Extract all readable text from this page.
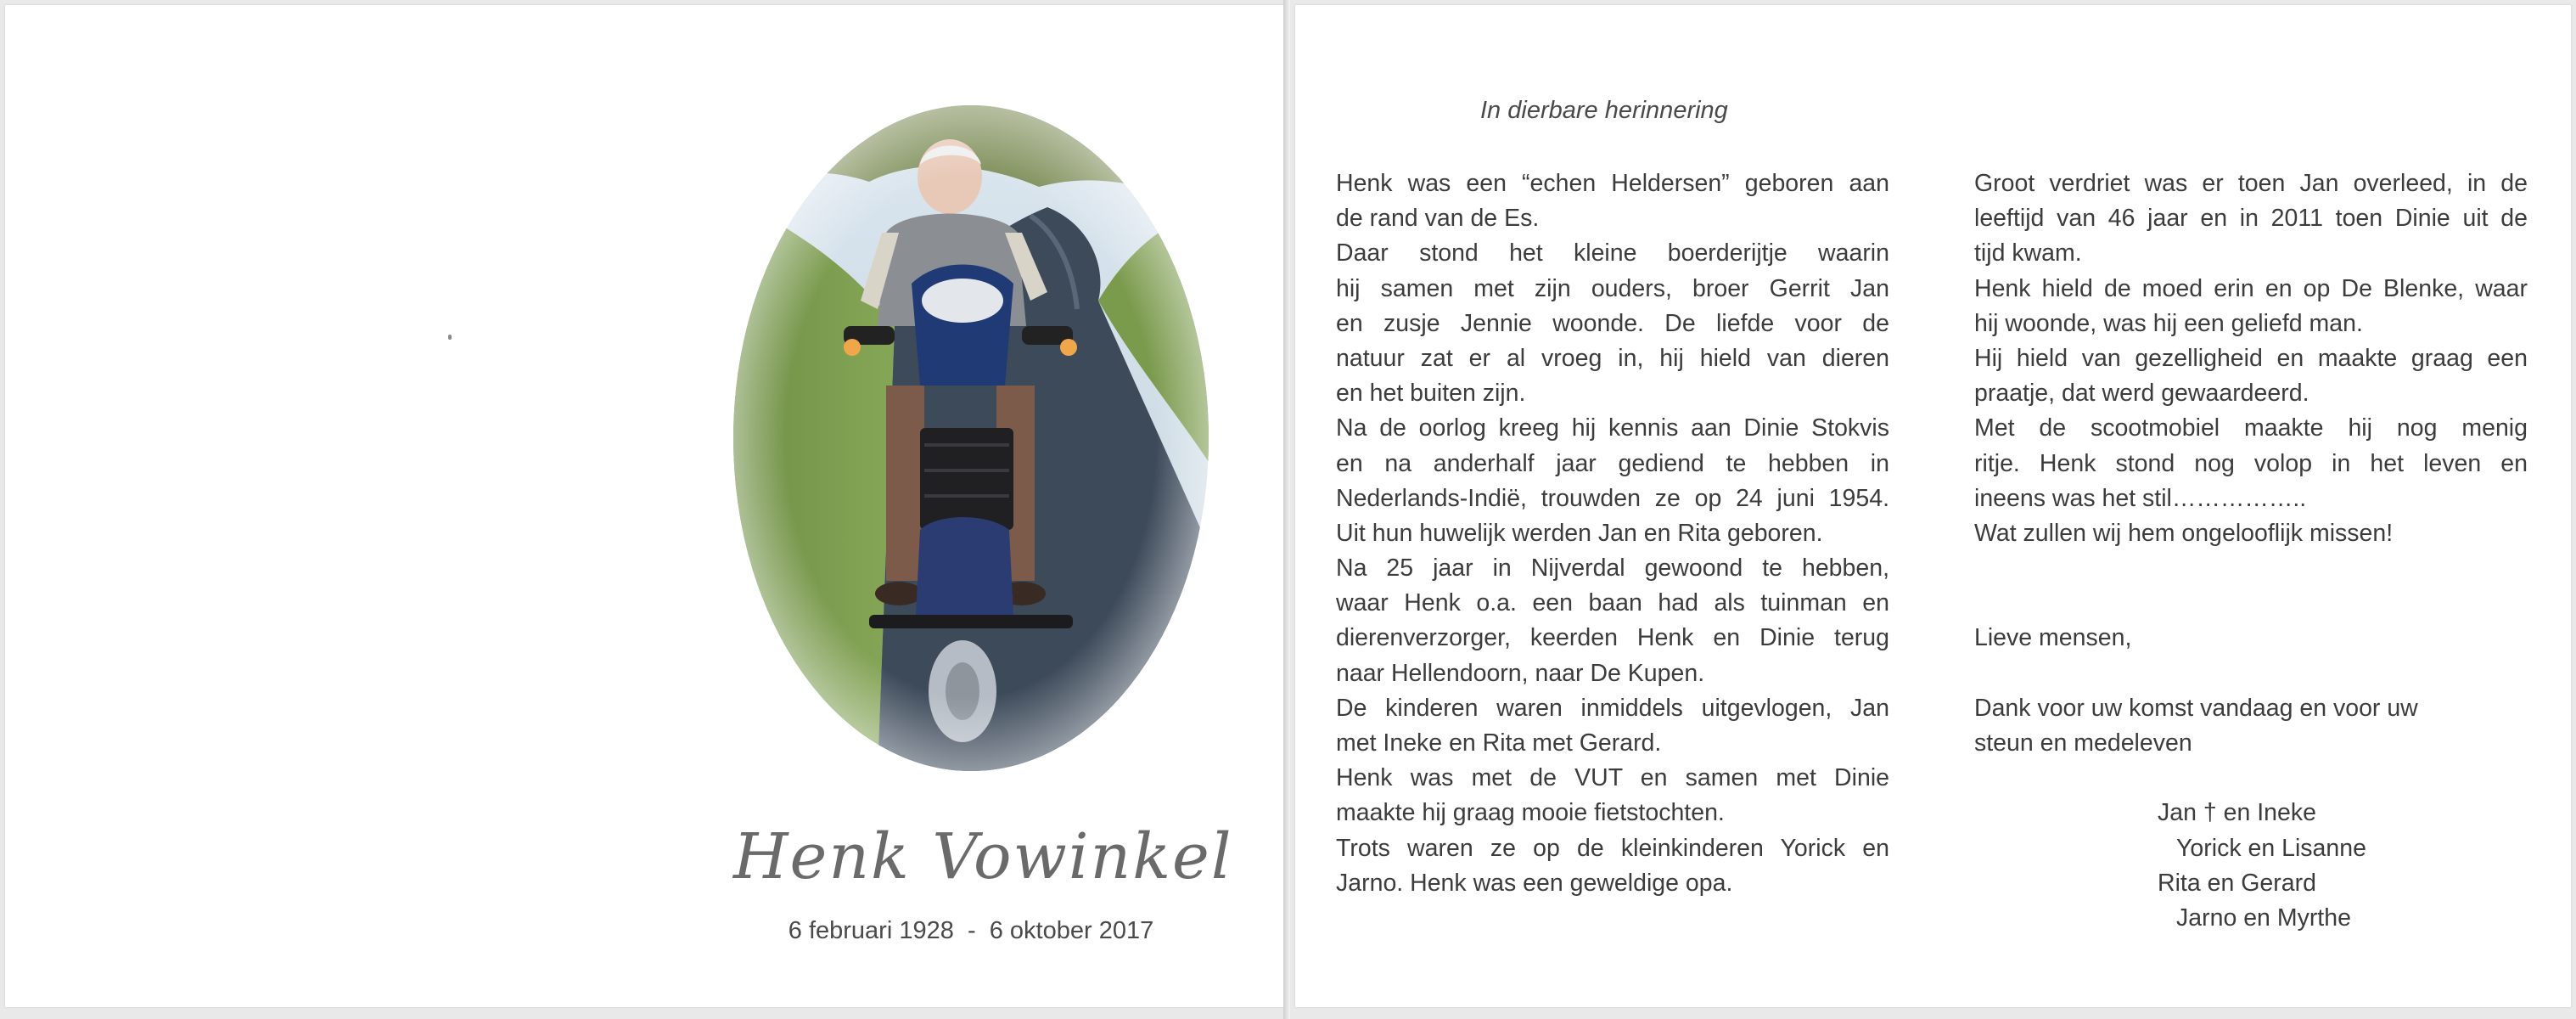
Henk Vowinkel
6 februari 1928  -  6 oktober 2017
In dierbare herinnering
Henk was een “echen Heldersen” geboren aan
de rand van de Es.
Daar stond het kleine boerderijtje waarin
hij samen met zijn ouders, broer Gerrit Jan
en zusje Jennie woonde. De liefde voor de
natuur zat er al vroeg in, hij hield van dieren
en het buiten zijn.
Na de oorlog kreeg hij kennis aan Dinie Stokvis
en na anderhalf jaar gediend te hebben in
Nederlands-Indië, trouwden ze op 24 juni 1954.
Uit hun huwelijk werden Jan en Rita geboren.
Na 25 jaar in Nijverdal gewoond te hebben,
waar Henk o.a. een baan had als tuinman en
dierenverzorger, keerden Henk en Dinie terug
naar Hellendoorn, naar De Kupen.
De kinderen waren inmiddels uitgevlogen, Jan
met Ineke en Rita met Gerard.
Henk was met de VUT en samen met Dinie
maakte hij graag mooie fietstochten.
Trots waren ze op de kleinkinderen Yorick en
Jarno. Henk was een geweldige opa.
Groot verdriet was er toen Jan overleed, in de
leeftijd van 46 jaar en in 2011 toen Dinie uit de
tijd kwam.
Henk hield de moed erin en op De Blenke, waar
hij woonde, was hij een geliefd man.
Hij hield van gezelligheid en maakte graag een
praatje, dat werd gewaardeerd.
Met de scootmobiel maakte hij nog menig
ritje. Henk stond nog volop in het leven en
ineens was het stil……………..
Wat zullen wij hem ongelooflijk missen!
Lieve mensen,
Dank voor uw komst vandaag en voor uw
steun en medeleven
Jan † en Ineke
Yorick en Lisanne
Rita en Gerard
Jarno en Myrthe
